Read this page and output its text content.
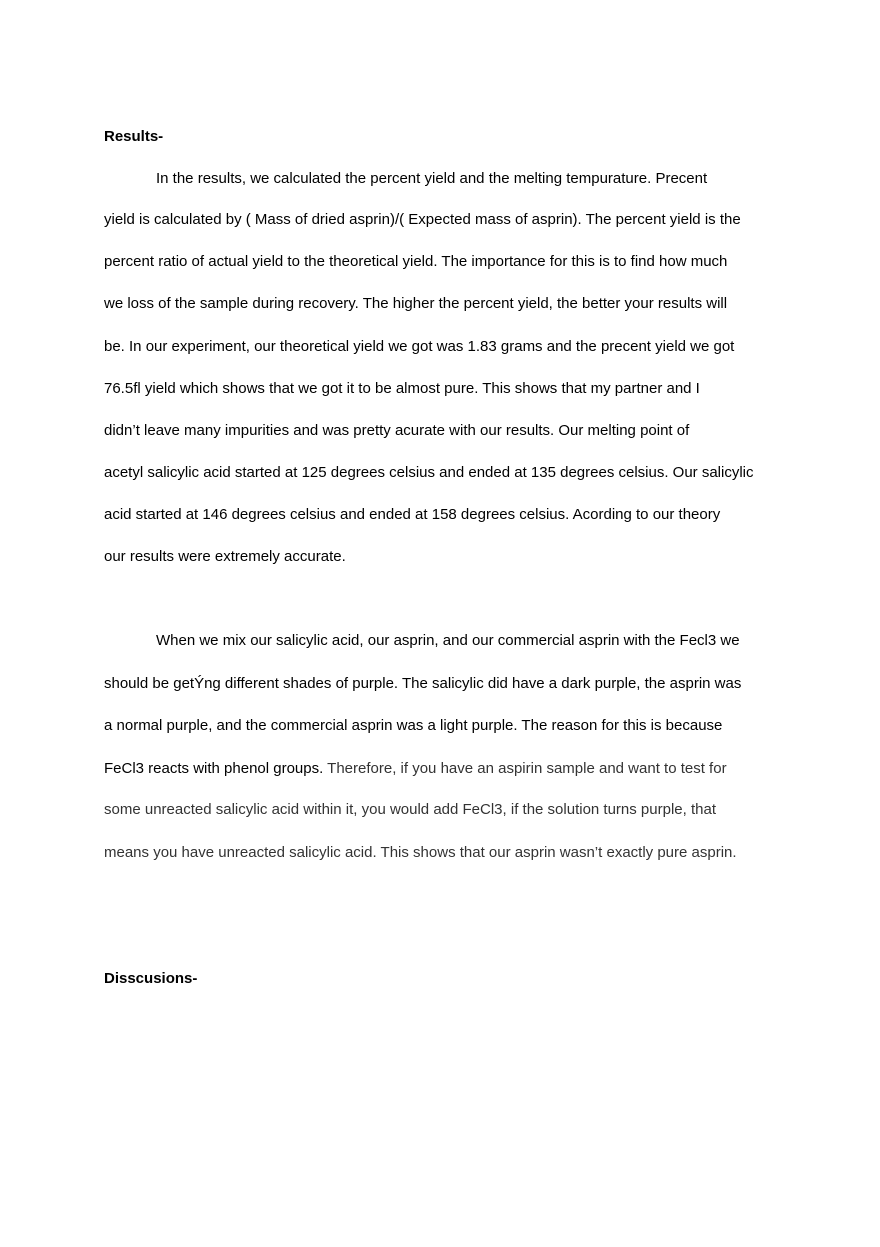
Results-

In the results, we calculated the percent yield and the melting tempurature. Precent

yield is calculated by ( Mass of dried asprin)/( Expected mass of asprin). The percent yield is the

percent ratio of actual yield to the theoretical yield. The importance for this is to find how much

we loss of the sample during recovery. The higher the percent yield, the better your results will

be. In our experiment, our theoretical yield we got was 1.83 grams and the precent yield we got

76.5fl yield which shows that we got it to be almost pure. This shows that my partner and I

didn’t leave many impurities and was pretty acurate with our results. Our melting point of

acetyl salicylic acid started at 125 degrees celsius and ended at 135 degrees celsius. Our salicylic

acid started at 146 degrees celsius and ended at 158 degrees celsius. Acording to our theory

our results were extremely accurate.

When we mix our salicylic acid, our asprin, and our commercial asprin with the Fecl3 we

should be getÝng different shades of purple. The salicylic did have a dark purple, the asprin was

a normal purple, and the commercial asprin was a light purple. The reason for this is because

FeCl3 reacts with phenol groups. Therefore, if you have an aspirin sample and want to test for

some unreacted salicylic acid within it, you would add FeCl3, if the solution turns purple, that

means you have unreacted salicylic acid. This shows that our asprin wasn’t exactly pure asprin.

Disscusions-
